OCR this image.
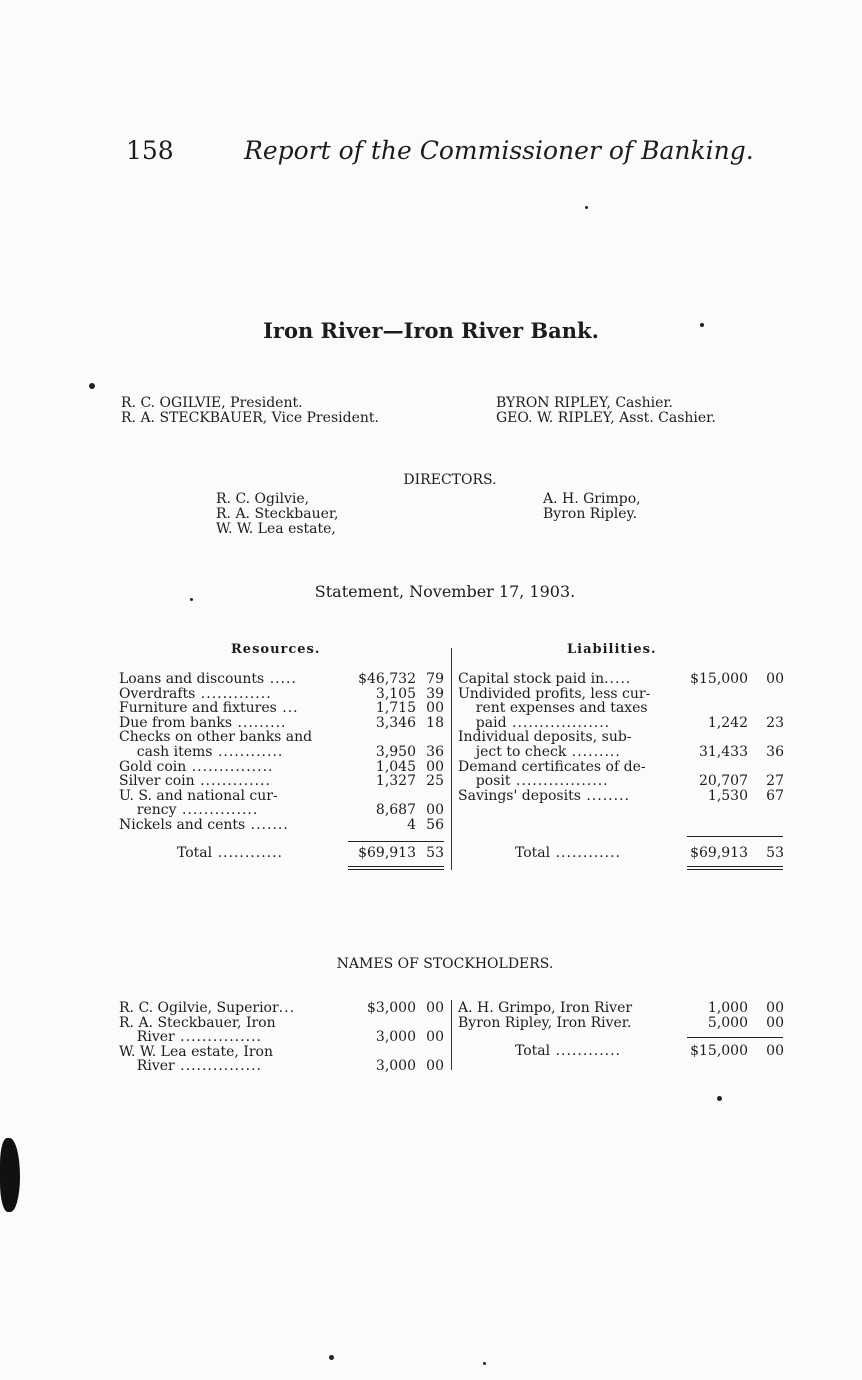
158	Report of the Commissioner of Banking.
Iron River—Iron River Bank.
R. C. OGILVIE, President.
R. A. STECKBAUER, Vice President.
BYRON RIPLEY, Cashier.
GEO. W. RIPLEY, Asst. Cashier.
DIRECTORS.
R. C. Ogilvie,
R. A. Steckbauer,
W. W. Lea estate,
A. H. Grimpo,
Byron Ripley.
Statement, November 17, 1903.
Resources.	Liabilities.
Loans and discounts .....	$46,732 79
Overdrafts .............	3,105 39
Furniture and fixtures ...	1,715 00
Due from banks .........	3,346 18
Checks on other banks and
cash items ............	3,950 36
Gold coin ...............	1,045 00
Silver coin .............	1,327 25
U. S. and national cur-
rency ..............	8,687 00
Nickels and cents .......	4 56
Total ............	$69,913 53
Capital stock paid in.....	$15,000 00
Undivided profits, less cur-
rent expenses and taxes
paid ..................	1,242 23
Individual deposits, sub-
ject to check .........	31,433 36
Demand certificates of de-
posit .................	20,707 27
Savings' deposits ........	1,530 67
Total ............	$69,913 53
NAMES OF STOCKHOLDERS.
R. C. Ogilvie, Superior...	$3,000 00
R. A. Steckbauer, Iron
River ...............	3,000 00
W. W. Lea estate, Iron
River ...............	3,000 00
A. H. Grimpo, Iron River	1,000 00
Byron Ripley, Iron River.	5,000 00
Total ............	$15,000 00
